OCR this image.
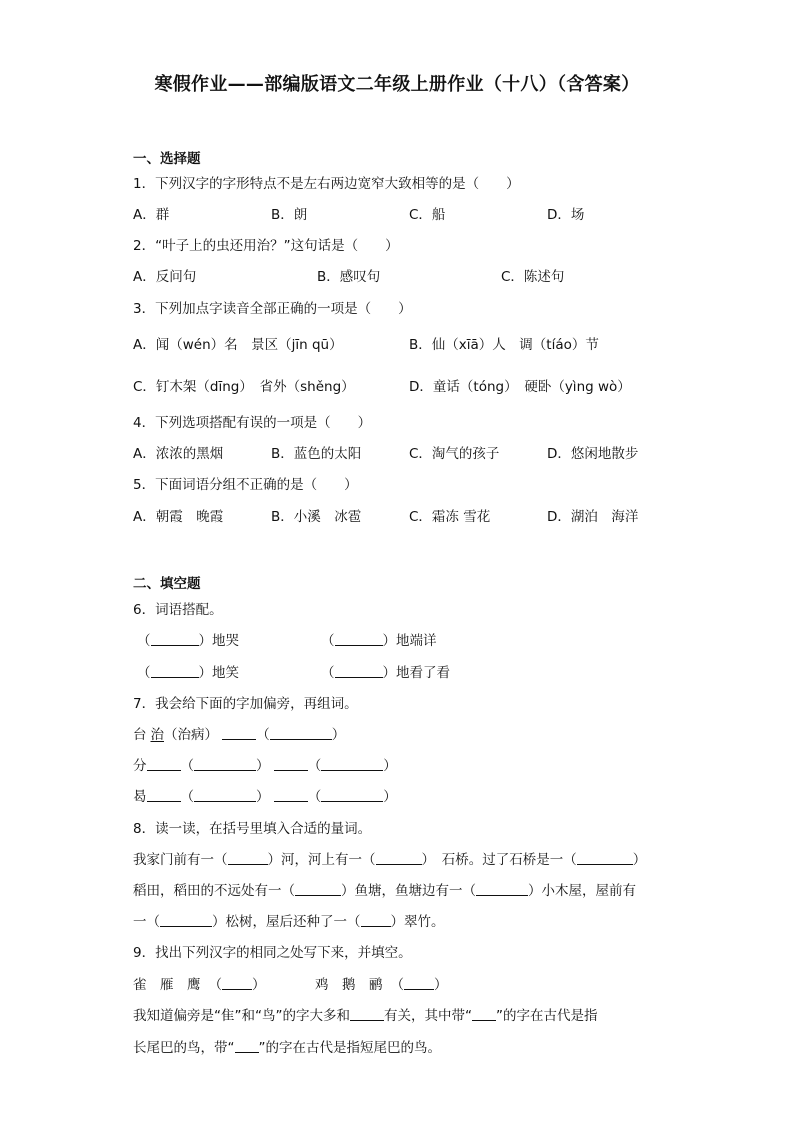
寒假作业——部编版语文二年级上册作业（十八）（含答案）
一、选择题
1．下列汉字的字形特点不是左右两边宽窄大致相等的是（　　）
A．群	B．朗	C．船	D．场
2．“叶子上的虫还用治？”这句话是（　　）
A．反问句	B．感叹句	C．陈述句
3．下列加点字读音全部正确的一项是（　　）
A．闻（wén）名　景区（jīn qū）	B．仙（xīā）人　调（tíáo）节
C．钉木架（dīng）　省外（shěng）	D．童话（tóng）　硬卧（yìng wò）
4．下列选项搭配有误的一项是（　　）
A．浓浓的黑烟	B．蓝色的太阳	C．淘气的孩子	D．悠闲地散步
5．下面词语分组不正确的是（　　）
A．朝霞　晚霞	B．小溪　冰雹	C．霜冻 雪花	D．湖泊　海洋
二、填空题
6．词语搭配。
（	）地哭	（	）地端详
（	）地笑	（	）地看了看
7．我会给下面的字加偏旁，再组词。
台 治（治病）	（	）
分	（	）	（	）
曷	（	）	（	）
8．读一读，在括号里填入合适的量词。
我家门前有一（	）河，河上有一（	）　石桥。过了石桥是一（	）
稻田，稻田的不远处有一（	）鱼塘，鱼塘边有一（	）小木屋，屋前有
一（	）松树，屋后还种了一（ ）翠竹。
9．找出下列汉字的相同之处写下来，并填空。
雀　雁　鹰 （ ）	鸡　鹅　鹂 （ ）
我知道偏旁是“隹”和“鸟”的字大多和	有关，其中带“ ”的字在古代是指
长尾巴的鸟，带“ ”的字在古代是指短尾巴的鸟。
